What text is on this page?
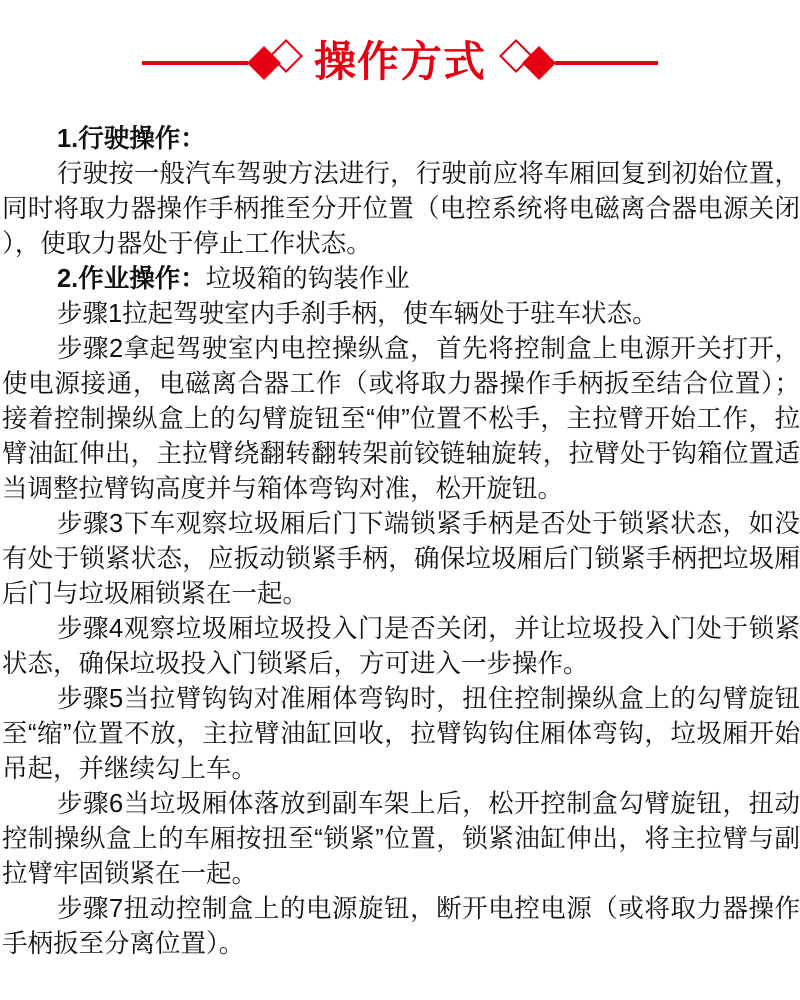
操作方式

1.行驶操作：

行驶按一般汽车驾驶方法进行，行驶前应将车厢回复到初始位置，同时将取力器操作手柄推至分开位置（电控系统将电磁离合器电源关闭），使取力器处于停止工作状态。

2.作业操作：垃圾箱的钩装作业

步骤1拉起驾驶室内手刹手柄，使车辆处于驻车状态。

步骤2拿起驾驶室内电控操纵盒，首先将控制盒上电源开关打开，使电源接通，电磁离合器工作（或将取力器操作手柄扳至结合位置）；接着控制操纵盒上的勾臂旋钮至“伸”位置不松手，主拉臂开始工作，拉臂油缸伸出，主拉臂绕翻转翻转架前铰链轴旋转，拉臂处于钩箱位置适当调整拉臂钩高度并与箱体弯钩对准，松开旋钮。

步骤3下车观察垃圾厢后门下端锁紧手柄是否处于锁紧状态，如没有处于锁紧状态，应扳动锁紧手柄，确保垃圾厢后门锁紧手柄把垃圾厢后门与垃圾厢锁紧在一起。

步骤4观察垃圾厢垃圾投入门是否关闭，并让垃圾投入门处于锁紧状态，确保垃圾投入门锁紧后，方可进入一步操作。

步骤5当拉臂钩钩对准厢体弯钩时，扭住控制操纵盒上的勾臂旋钮至“缩”位置不放，主拉臂油缸回收，拉臂钩钩住厢体弯钩，垃圾厢开始吊起，并继续勾上车。

步骤6当垃圾厢体落放到副车架上后，松开控制盒勾臂旋钮，扭动控制操纵盒上的车厢按扭至“锁紧”位置，锁紧油缸伸出，将主拉臂与副拉臂牢固锁紧在一起。

步骤7扭动控制盒上的电源旋钮，断开电控电源（或将取力器操作手柄扳至分离位置）。
